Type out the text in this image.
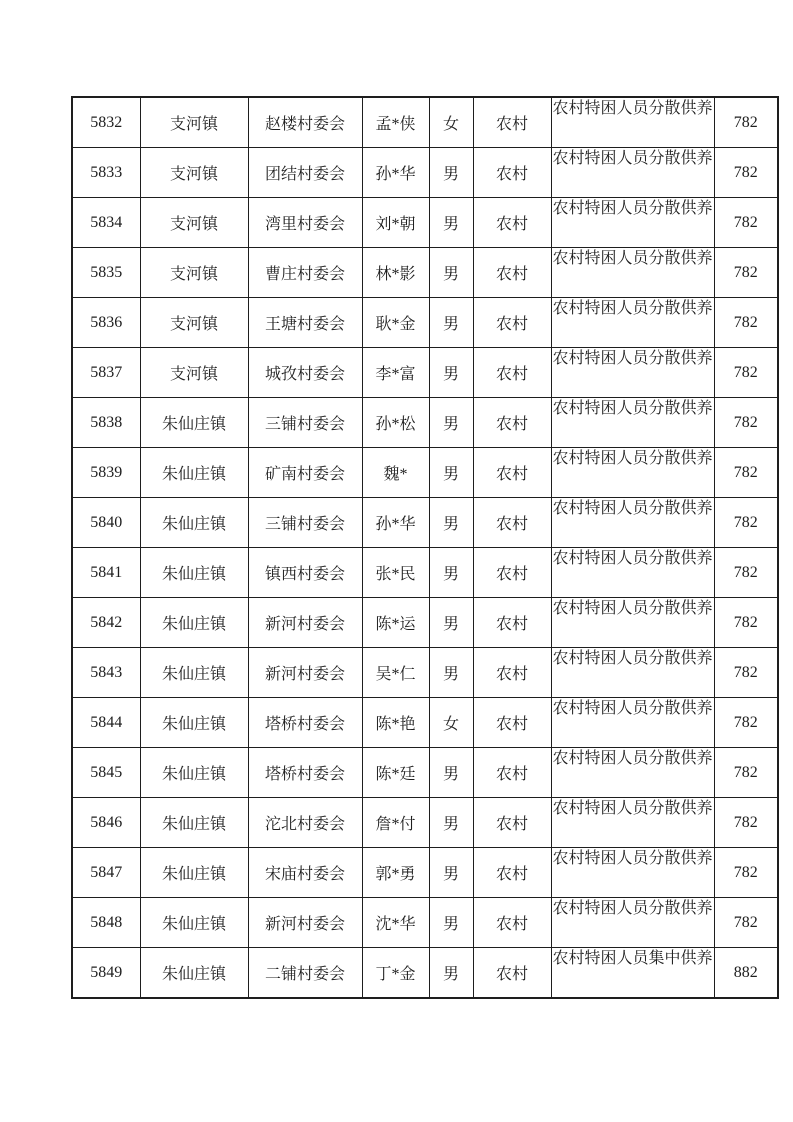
5832	支河镇	赵楼村委会	孟*侠	女	农村	农村特困人员分散供养	782
5833	支河镇	团结村委会	孙*华	男	农村	农村特困人员分散供养	782
5834	支河镇	湾里村委会	刘*朝	男	农村	农村特困人员分散供养	782
5835	支河镇	曹庄村委会	林*影	男	农村	农村特困人员分散供养	782
5836	支河镇	王塘村委会	耿*金	男	农村	农村特困人员分散供养	782
5837	支河镇	城孜村委会	李*富	男	农村	农村特困人员分散供养	782
5838	朱仙庄镇	三铺村委会	孙*松	男	农村	农村特困人员分散供养	782
5839	朱仙庄镇	矿南村委会	魏*	男	农村	农村特困人员分散供养	782
5840	朱仙庄镇	三铺村委会	孙*华	男	农村	农村特困人员分散供养	782
5841	朱仙庄镇	镇西村委会	张*民	男	农村	农村特困人员分散供养	782
5842	朱仙庄镇	新河村委会	陈*运	男	农村	农村特困人员分散供养	782
5843	朱仙庄镇	新河村委会	吴*仁	男	农村	农村特困人员分散供养	782
5844	朱仙庄镇	塔桥村委会	陈*艳	女	农村	农村特困人员分散供养	782
5845	朱仙庄镇	塔桥村委会	陈*廷	男	农村	农村特困人员分散供养	782
5846	朱仙庄镇	沱北村委会	詹*付	男	农村	农村特困人员分散供养	782
5847	朱仙庄镇	宋庙村委会	郭*勇	男	农村	农村特困人员分散供养	782
5848	朱仙庄镇	新河村委会	沈*华	男	农村	农村特困人员分散供养	782
5849	朱仙庄镇	二铺村委会	丁*金	男	农村	农村特困人员集中供养	882
